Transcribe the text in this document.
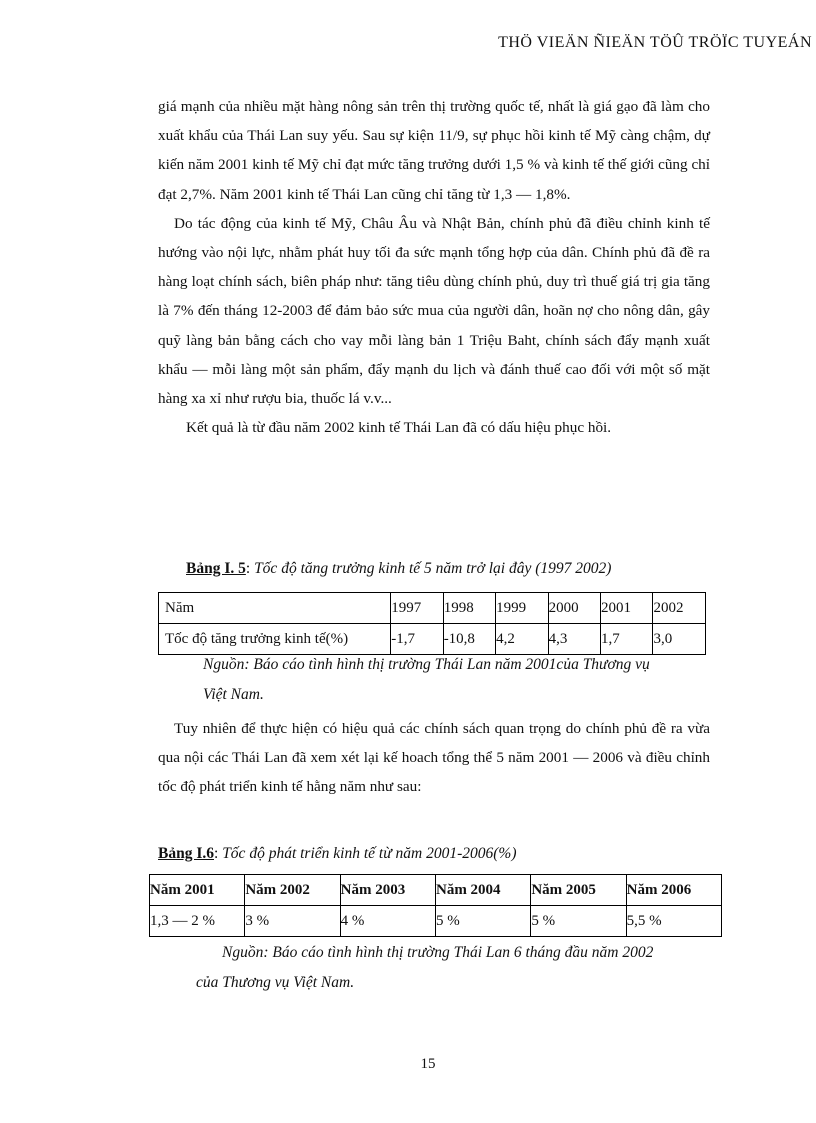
THÖ VIEÄN ÑIEÄN TÖÛ TRÖÏC TUYEÁN

giá mạnh của nhiều mặt hàng nông sản trên thị trường quốc tế, nhất là giá gạo đã làm cho xuất khẩu của Thái Lan suy yếu. Sau sự kiện 11/9, sự phục hồi kinh tế Mỹ càng chậm, dự kiến năm 2001 kinh tế Mỹ chỉ đạt mức tăng trưởng dưới 1,5 % và kinh tế thế giới cũng chỉ đạt 2,7%. Năm 2001 kinh tế Thái Lan cũng chỉ tăng từ 1,3 — 1,8%.

Do tác động của kinh tế Mỹ, Châu Âu và Nhật Bản, chính phủ đã điều chỉnh kinh tế hướng vào nội lực, nhằm phát huy tối đa sức mạnh tổng hợp của dân. Chính phủ đã đề ra hàng loạt chính sách, biên pháp như: tăng tiêu dùng chính phủ, duy trì thuế giá trị gia tăng là 7% đến tháng 12-2003 để đảm bảo sức mua của người dân, hoãn nợ cho nông dân, gây quỹ làng bản bằng cách cho vay mỗi làng bản 1 Triệu Baht, chính sách đẩy mạnh xuất khẩu — mỗi làng một sản phẩm, đẩy mạnh du lịch và đánh thuế cao đối với một số mặt hàng xa xỉ như rượu bia, thuốc lá v.v...

Kết quả là từ đầu năm 2002 kinh tế Thái Lan đã có dấu hiệu phục hồi.

Bảng I. 5: Tốc độ tăng trưởng kinh tế 5 năm trở lại đây (1997 2002)
Năm	1997	1998	1999	2000	2001	2002
Tốc độ tăng trưởng kinh tế(%)	-1,7	-10,8	4,2	4,3	1,7	3,0
Nguồn: Báo cáo tình hình thị trường Thái Lan năm 2001của Thương vụ
Việt Nam.

Tuy nhiên để thực hiện có hiệu quả các chính sách quan trọng do chính phủ đề ra vừa qua nội các Thái Lan đã xem xét lại kế hoach tổng thể 5 năm 2001 — 2006 và điều chỉnh tốc độ phát triển kinh tế hằng năm như sau:

Bảng I.6: Tốc độ phát triển kinh tế từ năm 2001-2006(%)
Năm 2001	Năm 2002	Năm 2003	Năm 2004	Năm 2005	Năm 2006
1,3 — 2 %	3 %	4 %	5 %	5 %	5,5 %
Nguồn: Báo cáo tình hình thị trường Thái Lan 6 tháng đầu năm 2002
của Thương vụ Việt Nam.
15
